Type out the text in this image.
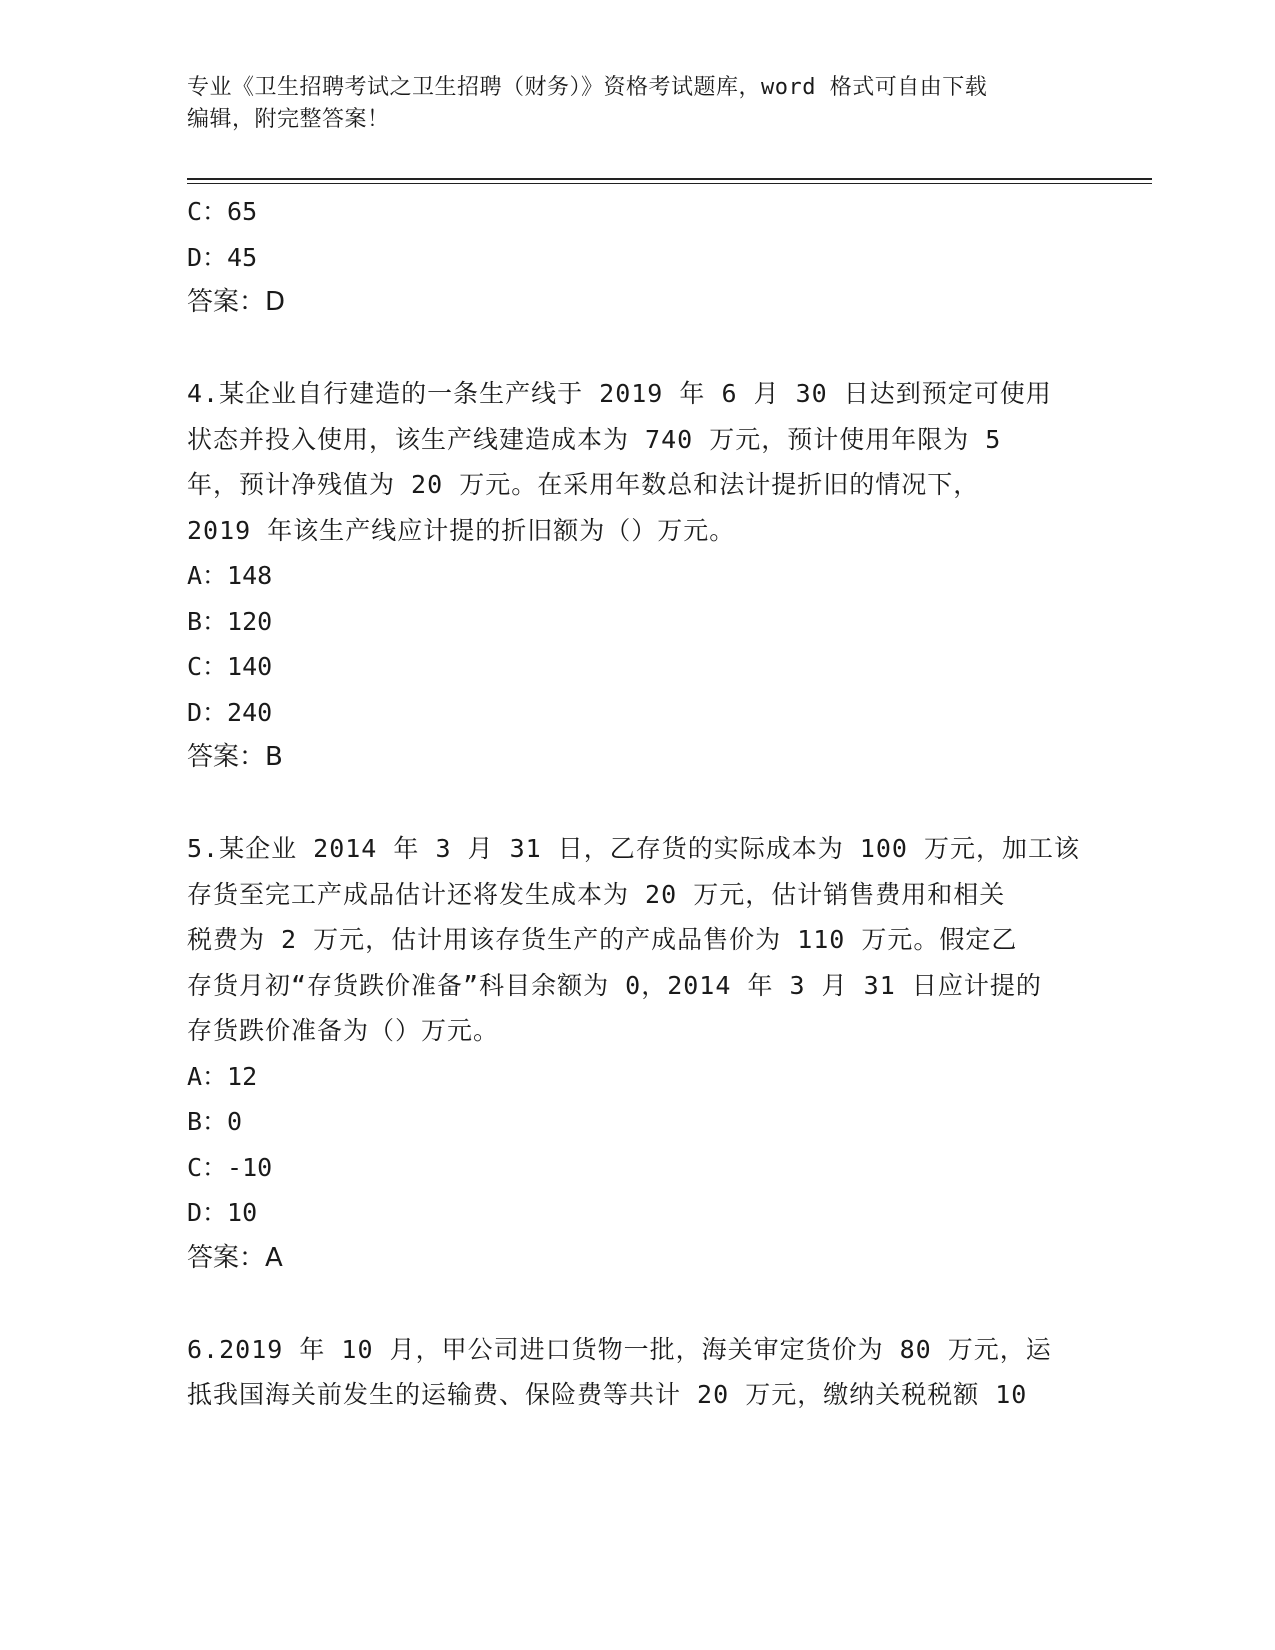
专业《卫生招聘考试之卫生招聘（财务）》资格考试题库，word 格式可自由下载
编辑，附完整答案！
C：65
D：45
答案：D
4.某企业自行建造的一条生产线于 2019 年 6 月 30 日达到预定可使用
状态并投入使用，该生产线建造成本为 740 万元，预计使用年限为 5
年，预计净残值为 20 万元。在采用年数总和法计提折旧的情况下，
2019 年该生产线应计提的折旧额为（）万元。
A：148
B：120
C：140
D：240
答案：B
5.某企业 2014 年 3 月 31 日，乙存货的实际成本为 100 万元，加工该
存货至完工产成品估计还将发生成本为 20 万元，估计销售费用和相关
税费为 2 万元，估计用该存货生产的产成品售价为 110 万元。假定乙
存货月初“存货跌价准备”科目余额为 0，2014 年 3 月 31 日应计提的
存货跌价准备为（）万元。
A：12
B：0
C：-10
D：10
答案：A
6.2019 年 10 月，甲公司进口货物一批，海关审定货价为 80 万元，运
抵我国海关前发生的运输费、保险费等共计 20 万元，缴纳关税税额 10
